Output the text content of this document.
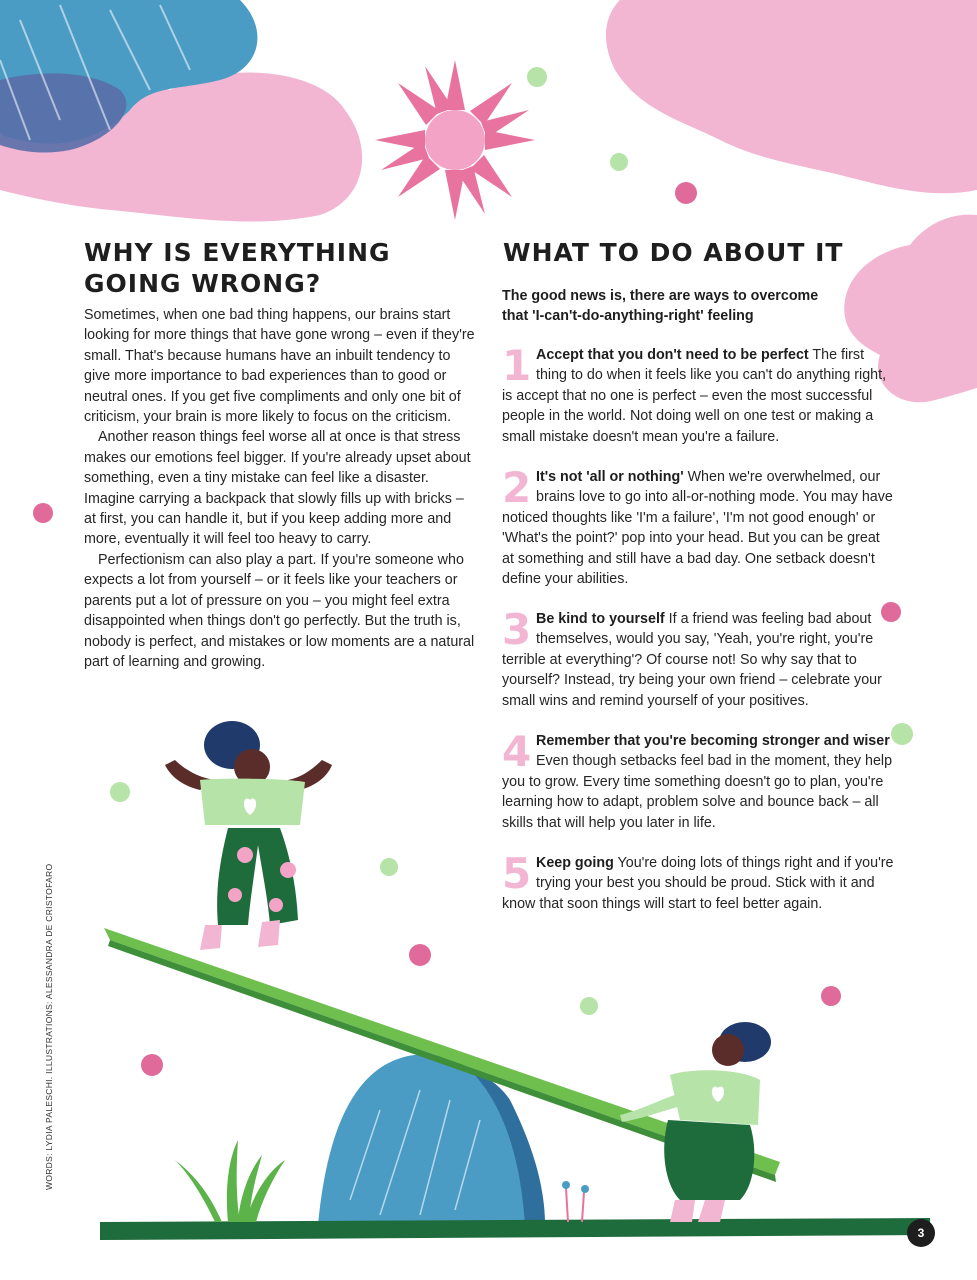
WHY IS EVERYTHING
GOING WRONG?

Sometimes, when one bad thing happens, our brains start looking for more things that have gone wrong – even if they're small. That's because humans have an inbuilt tendency to give more importance to bad experiences than to good or neutral ones. If you get five compliments and only one bit of criticism, your brain is more likely to focus on the criticism.

Another reason things feel worse all at once is that stress makes our emotions feel bigger. If you're already upset about something, even a tiny mistake can feel like a disaster. Imagine carrying a backpack that slowly fills up with bricks – at first, you can handle it, but if you keep adding more and more, eventually it will feel too heavy to carry.

Perfectionism can also play a part. If you're someone who expects a lot from yourself – or it feels like your teachers or parents put a lot of pressure on you – you might feel extra disappointed when things don't go perfectly. But the truth is, nobody is perfect, and mistakes or low moments are a natural part of learning and growing.

WHAT TO DO ABOUT IT

The good news is, there are ways to overcome that 'I-can't-do-anything-right' feeling

1 Accept that you don't need to be perfect The first thing to do when it feels like you can't do anything right, is accept that no one is perfect – even the most successful people in the world. Not doing well on one test or making a small mistake doesn't mean you're a failure.

2 It's not 'all or nothing' When we're overwhelmed, our brains love to go into all-or-nothing mode. You may have noticed thoughts like 'I'm a failure', 'I'm not good enough' or 'What's the point?' pop into your head. But you can be great at something and still have a bad day. One setback doesn't define your abilities.

3 Be kind to yourself If a friend was feeling bad about themselves, would you say, 'Yeah, you're right, you're terrible at everything'? Of course not! So why say that to yourself? Instead, try being your own friend – celebrate your small wins and remind yourself of your positives.

4 Remember that you're becoming stronger and wiser Even though setbacks feel bad in the moment, they help you to grow. Every time something doesn't go to plan, you're learning how to adapt, problem solve and bounce back – all skills that will help you later in life.

5 Keep going You're doing lots of things right and if you're trying your best you should be proud. Stick with it and know that soon things will start to feel better again.

WORDS: LYDIA PALESCHI. ILLUSTRATIONS: ALESSANDRA DE CRISTOFARO
3
